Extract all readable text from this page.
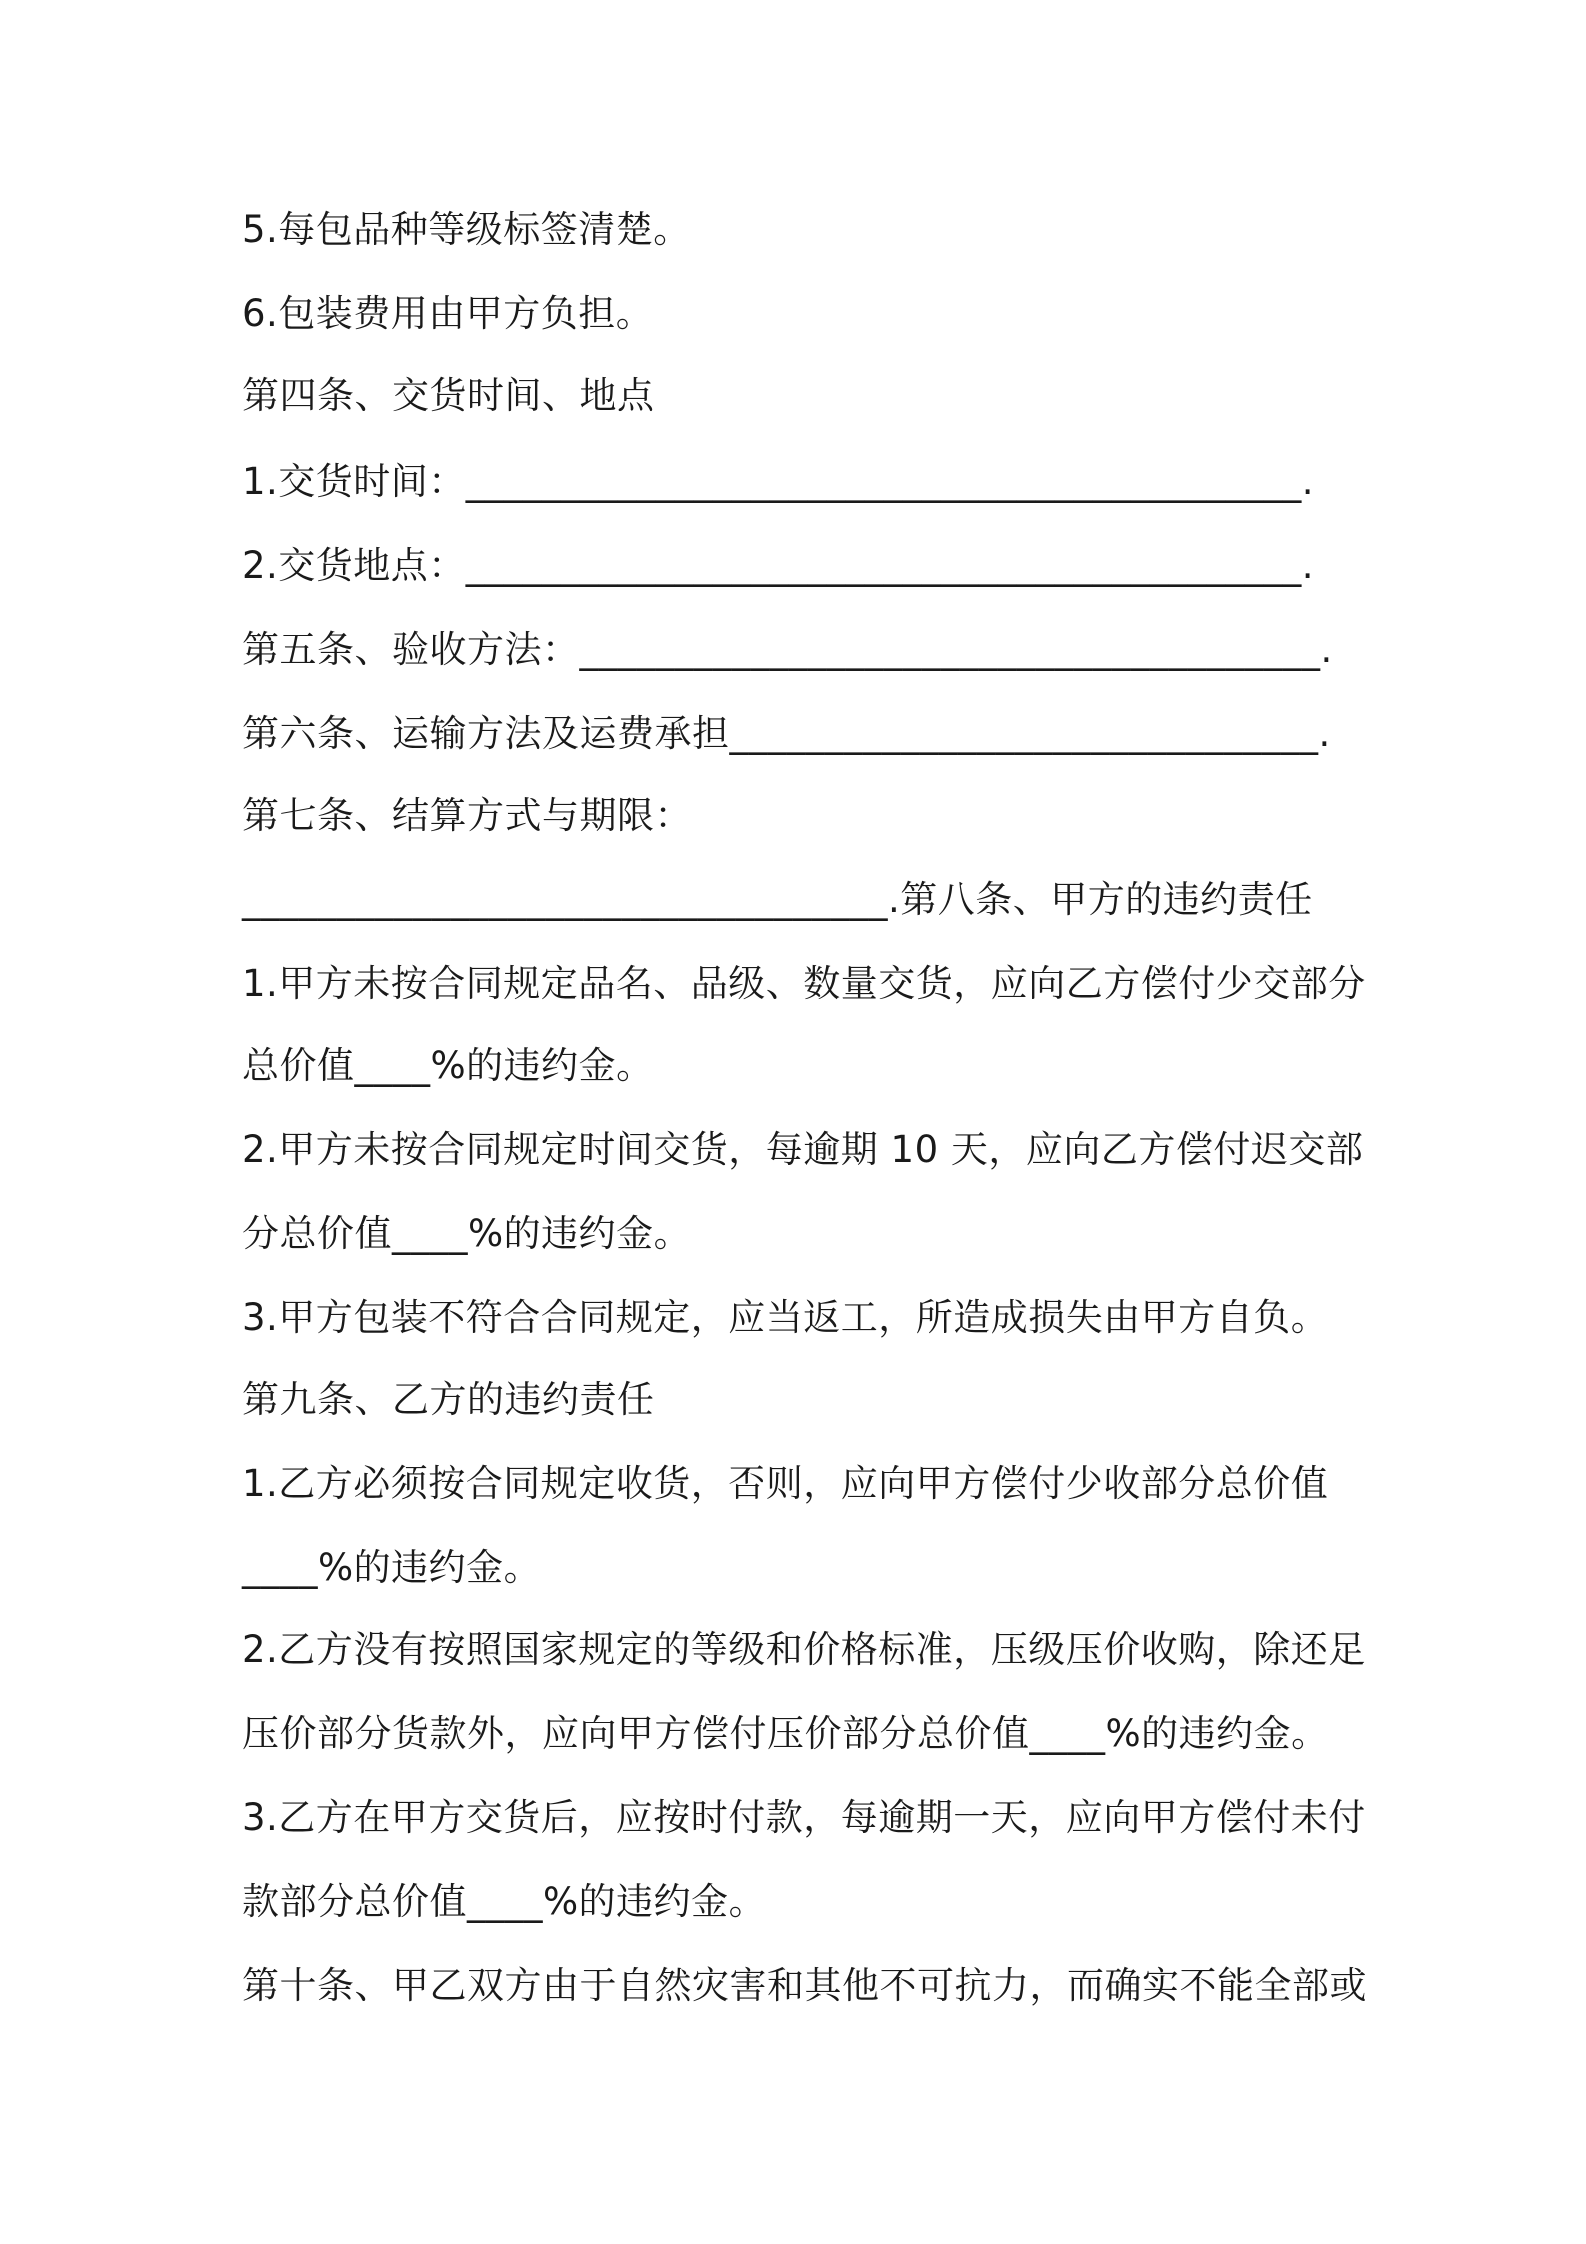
5.每包品种等级标签清楚。
6.包装费用由甲方负担。
第四条、交货时间、地点
1.交货时间：____________________________________________.
2.交货地点：____________________________________________.
第五条、验收方法：_______________________________________.
第六条、运输方法及运费承担_______________________________.
第七条、结算方式与期限：
__________________________________.第八条、甲方的违约责任
1.甲方未按合同规定品名、品级、数量交货，应向乙方偿付少交部分
总价值____%的违约金。
2.甲方未按合同规定时间交货，每逾期 10 天，应向乙方偿付迟交部
分总价值____%的违约金。
3.甲方包装不符合合同规定，应当返工，所造成损失由甲方自负。
第九条、乙方的违约责任
1.乙方必须按合同规定收货，否则，应向甲方偿付少收部分总价值
____%的违约金。
2.乙方没有按照国家规定的等级和价格标准，压级压价收购，除还足
压价部分货款外，应向甲方偿付压价部分总价值____%的违约金。
3.乙方在甲方交货后，应按时付款，每逾期一天，应向甲方偿付未付
款部分总价值____%的违约金。
第十条、甲乙双方由于自然灾害和其他不可抗力，而确实不能全部或
